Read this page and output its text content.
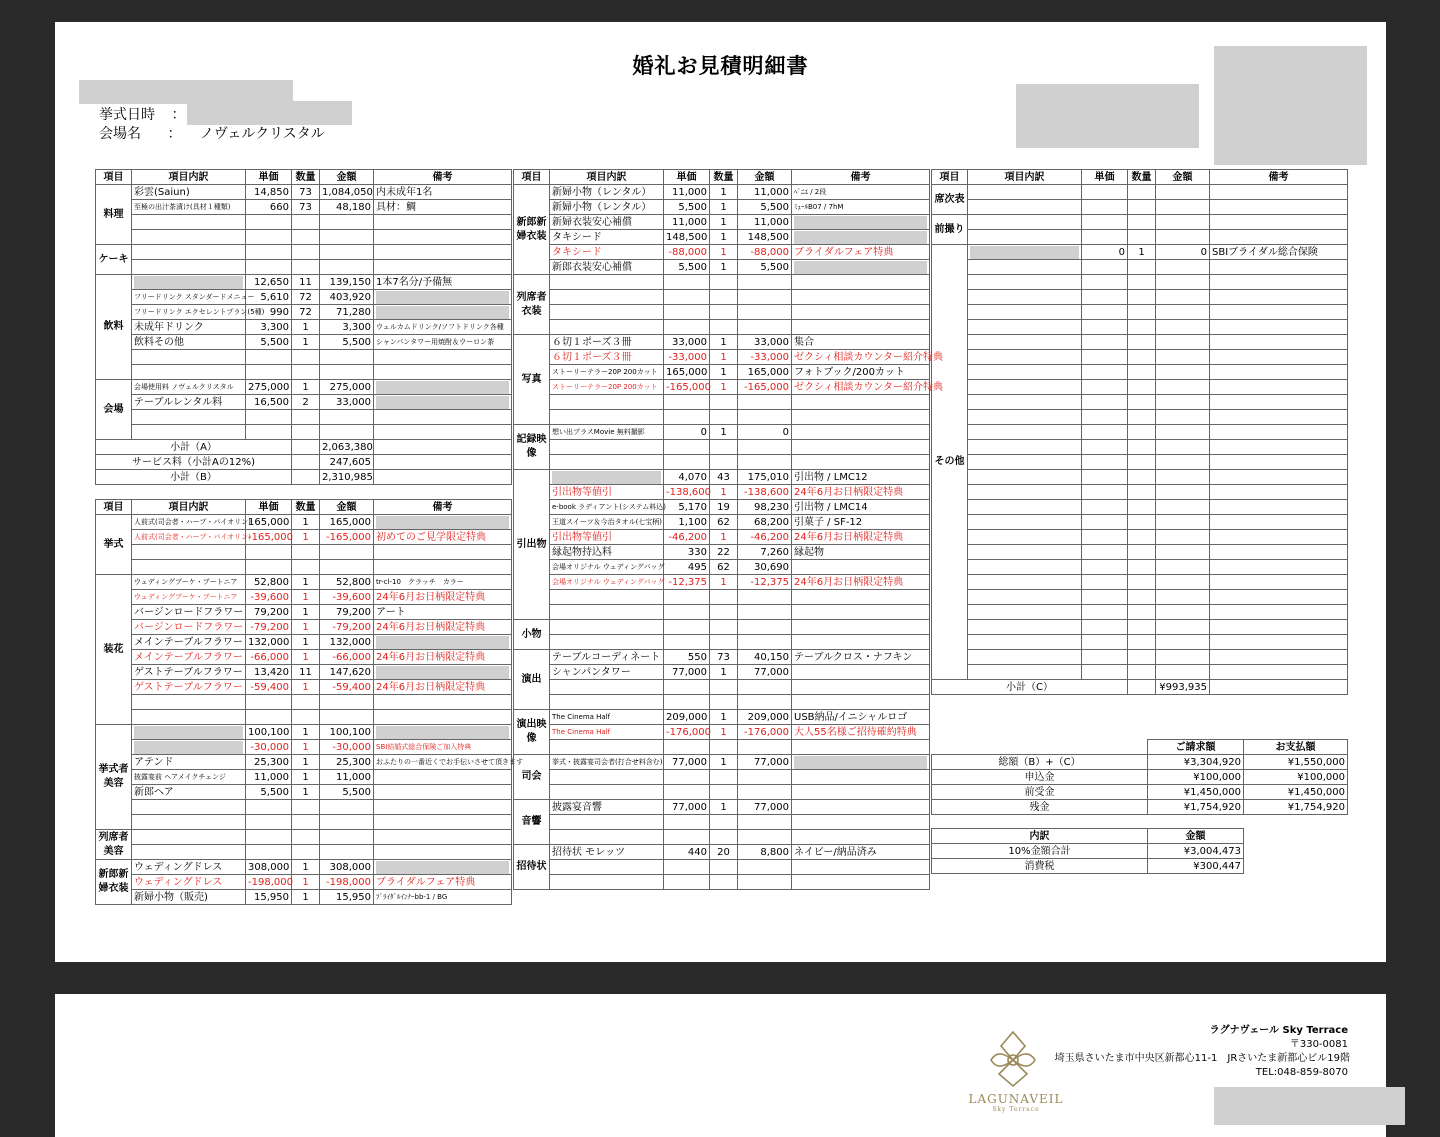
婚礼お見積明細書
挙式日時 ：
会場名 ： ノヴェルクリスタル
項目	項目内訳	単価	数量	金額	備考
料理	彩雲(Saiun)	14,850	73	1,084,050	内未成年1名
	至極の出汁茶漬け(具材１種類)	660	73	48,180	具材：鯛

ケーキ					

飲料		12,650	11	139,150	1本7名分/予備無
	フリードリンク スタンダードメニュー	5,610	72	403,920	

	フリードリンク エクセレントプラン(5種)	990	72	71,280	

	未成年ドリンク	3,300	1	3,300	ウェルカムドリンク/ソフトドリンク各種
	飲料その他	5,500	1	5,500	シャンパンタワー用焼酎＆ウーロン茶

会場	会場使用料 ノヴェルクリスタル	275,000	1	275,000	

	テーブルレンタル料	16,500	2	33,000	

小計（A）				2,063,380	
サービス料（小計Aの12%)				247,605	
小計（B）				2,310,985	
項目	項目内訳	単価	数量	金額	備考
挙式	人前式(司会者・ハープ・バイオリン)	165,000	1	165,000	

	人前式(司会者・ハープ・バイオリン)	-165,000	1	-165,000	初めてのご見学限定特典

装花	ウェディングブーケ・ブートニア	52,800	1	52,800	tr-cl-10　クラッチ　カラー
	ウェディングブーケ・ブートニア	-39,600	1	-39,600	24年6月お日柄限定特典
	バージンロードフラワー	79,200	1	79,200	アート
	バージンロードフラワー	-79,200	1	-79,200	24年6月お日柄限定特典
	メインテーブルフラワー	132,000	1	132,000	

	メインテーブルフラワー	-66,000	1	-66,000	24年6月お日柄限定特典
	ゲストテーブルフラワー	13,420	11	147,620	

	ゲストテーブルフラワー	-59,400	1	-59,400	24年6月お日柄限定特典

挙式者美容		100,100	1	100,100	

		-30,000	1	-30,000	SBI結婚式総合保険ご加入特典
	アテンド	25,300	1	25,300	おふたりの一番近くでお手伝いさせて頂きます
	披露宴前 ヘアメイクチェンジ	11,000	1	11,000	
	新郎ヘア	5,500	1	5,500	

列席者美容					

新郎新婦衣装	ウェディングドレス	308,000	1	308,000	

	ウェディングドレス	-198,000	1	-198,000	ブライダルフェア特典
	新婦小物（販売)	15,950	1	15,950	ﾌﾞﾗｲﾀﾞﾙｲﾝﾅｰbb-1 / BG
項目	項目内訳	単価	数量	金額	備考
新郎新婦衣装	新婦小物（レンタル）	11,000	1	11,000	ﾍﾟﾆｴ / 2段
	新婦小物（レンタル）	5,500	1	5,500	ﾐｭｰﾙB07 / 7hM
	新婦衣装安心補償	11,000	1	11,000	

	タキシード	148,500	1	148,500	

	タキシード	-88,000	1	-88,000	ブライダルフェア特典
	新郎衣装安心補償	5,500	1	5,500	

列席者衣装					

写真	６切１ポーズ３冊	33,000	1	33,000	集合
	６切１ポーズ３冊	-33,000	1	-33,000	ゼクシィ相談カウンター紹介特典
	ストーリーテラー20P 200カット	165,000	1	165,000	フォトブック/200カット
	ストーリーテラー20P 200カット	-165,000	1	-165,000	ゼクシィ相談カウンター紹介特典

記録映像	想い出プラスMovie 無料撮影	0	1	0	

引出物		4,070	43	175,010	引出物 / LMC12
	引出物等値引	-138,600	1	-138,600	24年6月お日柄限定特典
	e-book ラディアント(システム料込)	5,170	19	98,230	引出物 / LMC14
	王道スイーツ＆今治タオル(七宝柄)	1,100	62	68,200	引菓子 / SF-12
	引出物等値引	-46,200	1	-46,200	24年6月お日柄限定特典
	縁起物持込料	330	22	7,260	縁起物
	会場オリジナル ウェディングバッグ	495	62	30,690	
	会場オリジナル ウェディングバッグ	-12,375	1	-12,375	24年6月お日柄限定特典

小物					

演出	テーブルコーディネート	550	73	40,150	テーブルクロス・ナフキン
	シャンパンタワー	77,000	1	77,000	

演出映像	The Cinema Half	209,000	1	209,000	USB納品/イニシャルロゴ
	The Cinema Half	-176,000	1	-176,000	大人55名様ご招待確約特典

司会	挙式・披露宴司会者(打合せ料含む)	77,000	1	77,000	

音響	披露宴音響	77,000	1	77,000	

招待状	招待状 モレッツ	440	20	8,800	ネイビー/納品済み

項目	項目内訳	単価	数量	金額	備考
席次表					

前撮り					

その他		0	1	0	SBIブライダル総合保険

小計（C）				¥993,935	
	ご請求額	お支払額
総額（B）+（C）	¥3,304,920	¥1,550,000
申込金	¥100,000	¥100,000
前受金	¥1,450,000	¥1,450,000
残金	¥1,754,920	¥1,754,920
内訳	金額	
10%金額合計	¥3,004,473	
消費税	¥300,447	
LAGUNAVEIL
Sky Terrace
ラグナヴェール Sky Terrace
〒330-0081
埼玉県さいたま市中央区新都心11-1　JRさいたま新都心ビル19階
TEL:048-859-8070
